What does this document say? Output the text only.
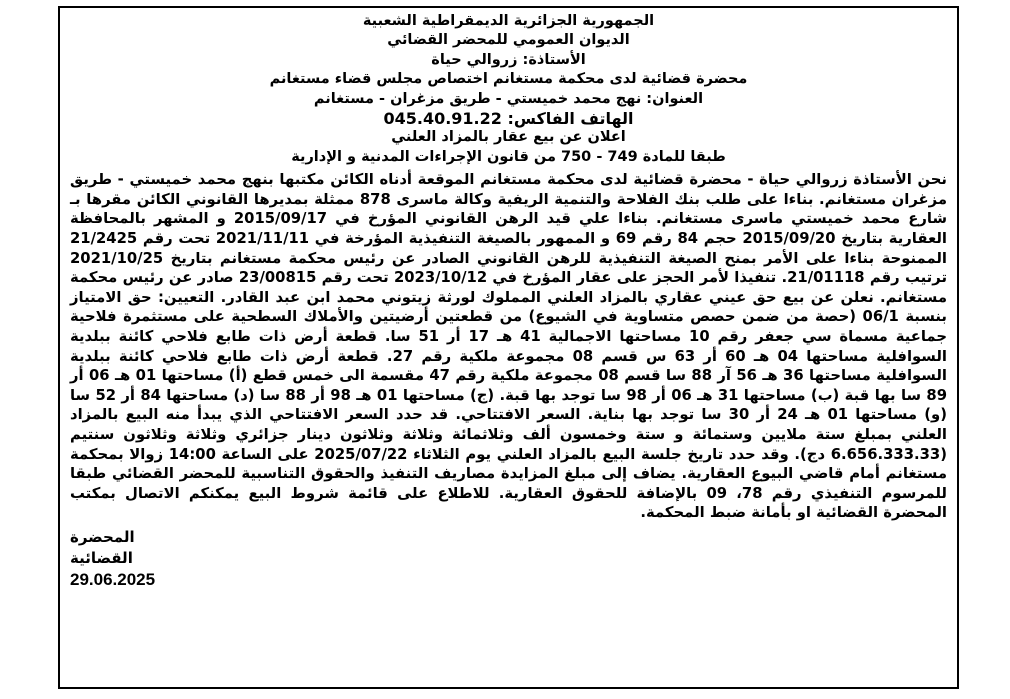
الجمهورية الجزائرية الديمقراطية الشعبية
الديوان العمومي للمحضر القضائي
الأستاذة: زروالي حياة
محضرة قضائية لدى محكمة مستغانم اختصاص مجلس قضاء مستغانم
العنوان: نهج محمد خميستي - طريق مزغران - مستغانم
الهاتف الفاكس: 045.40.91.22
اعلان عن بيع عقار بالمزاد العلني
طبقا للمادة 749 - 750 من قانون الإجراءات المدنية و الإدارية
نحن الأستاذة زروالي حياة - محضرة قضائية لدى محكمة مستغانم الموقعة أدناه الكائن مكتبها بنهج محمد خميستي - طريق مزغران مستغانم. بناءا على طلب بنك الفلاحة والتنمية الريفية وكالة ماسرى 878 ممثلة بمديرها القانوني الكائن مقرها بـ شارع محمد خميستي ماسرى مستغانم. بناءا علي قيد الرهن القانوني المؤرخ في 2015/09/17 و المشهر بالمحافظة العقارية بتاريخ 2015/09/20 حجم 84 رقم 69 و الممهور بالصيغة التنفيذية المؤرخة في 2021/11/11 تحت رقم 21/2425 الممنوحة بناءا على الأمر بمنح الصيغة التنفيذية للرهن القانوني الصادر عن رئيس محكمة مستغانم بتاريخ 2021/10/25 ترتيب رقم 21/01118. تنفيذا لأمر الحجز على عقار المؤرخ في 2023/10/12 تحت رقم 23/00815 صادر عن رئيس محكمة مستغانم. نعلن عن بيع حق عيني عقاري بالمزاد العلني المملوك لورثة زيتوني محمد ابن عبد القادر. التعيين: حق الامتياز بنسبة 06/1 (حصة من ضمن حصص متساوية في الشيوع) من قطعتين أرضيتين والأملاك السطحية على مستثمرة فلاحية جماعية مسماة سي جعفر رقم 10 مساحتها الاجمالية 41 هـ 17 أر 51 سا. قطعة أرض ذات طابع فلاحي كائنة ببلدية السوافلية مساحتها 04 هـ 60 أر 63 س قسم 08 مجموعة ملكية رقم 27. قطعة أرض ذات طابع فلاحي كائنة ببلدية السوافلية مساحتها 36 هـ 56 آر 88 سا قسم 08 مجموعة ملكية رقم 47 مقسمة الى خمس قطع (أ) مساحتها 01 هـ 06 أر 89 سا بها قبة (ب) مساحتها 31 هـ 06 أر 98 سا توجد بها قبة. (ج) مساحتها 01 هـ 98 أر 88 سا (د) مساحتها 84 أر 52 سا (و) مساحتها 01 هـ 24 أر 30 سا توجد بها بناية. السعر الافتتاحي. قد حدد السعر الافتتاحي الذي يبدأ منه البيع بالمزاد العلني بمبلغ ستة ملايين وستمائة و ستة وخمسون ألف وثلاثمائة وثلاثة وثلاثون دينار جزائري وثلاثة وثلاثون سنتيم (6.656.333.33 دج). وقد حدد تاريخ جلسة البيع بالمزاد العلني يوم الثلاثاء 2025/07/22 على الساعة 14:00 زوالا بمحكمة مستغانم أمام قاضي البيوع العقارية. يضاف إلى مبلغ المزايدة مصاريف التنفيذ والحقوق التناسبية للمحضر القضائي طبقا للمرسوم التنفيذي رقم 78، 09 بالإضافة للحقوق العقارية. للاطلاع على قائمة شروط البيع يمكنكم الاتصال بمكتب المحضرة القضائية او بأمانة ضبط المحكمة.
المحضرة القضائية
29.06.2025
